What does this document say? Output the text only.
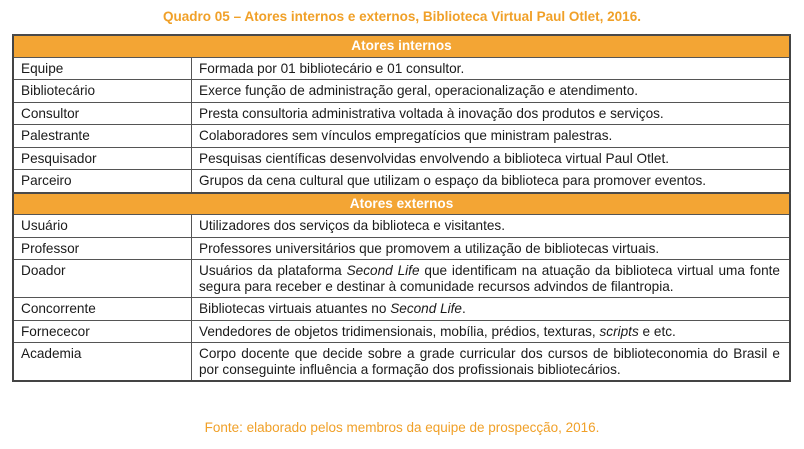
Quadro 05 – Atores internos e externos, Biblioteca Virtual Paul Otlet, 2016.
Atores internos	
Equipe	Formada por 01 bibliotecário e 01 consultor.
Bibliotecário	Exerce função de administração geral, operacionalização e atendimento.
Consultor	Presta consultoria administrativa voltada à inovação dos produtos e serviços.
Palestrante	Colaboradores sem vínculos empregatícios que ministram palestras.
Pesquisador	Pesquisas científicas desenvolvidas envolvendo a biblioteca virtual Paul Otlet.
Parceiro	Grupos da cena cultural que utilizam o espaço da biblioteca para promover eventos.
Atores externos	
Usuário	Utilizadores dos serviços da biblioteca e visitantes.
Professor	Professores universitários que promovem a utilização de bibliotecas virtuais.
Doador	Usuários da plataforma Second Life que identificam na atuação da biblioteca virtual uma fonte segura para receber e destinar à comunidade recursos advindos de filantropia.
Concorrente	Bibliotecas virtuais atuantes no Second Life.
Fornececor	Vendedores de objetos tridimensionais, mobília, prédios, texturas, scripts e etc.
Academia	Corpo docente que decide sobre a grade curricular dos cursos de biblioteconomia do Brasil e por conseguinte influência a formação dos profissionais bibliotecários.
Fonte: elaborado pelos membros da equipe de prospecção, 2016.
